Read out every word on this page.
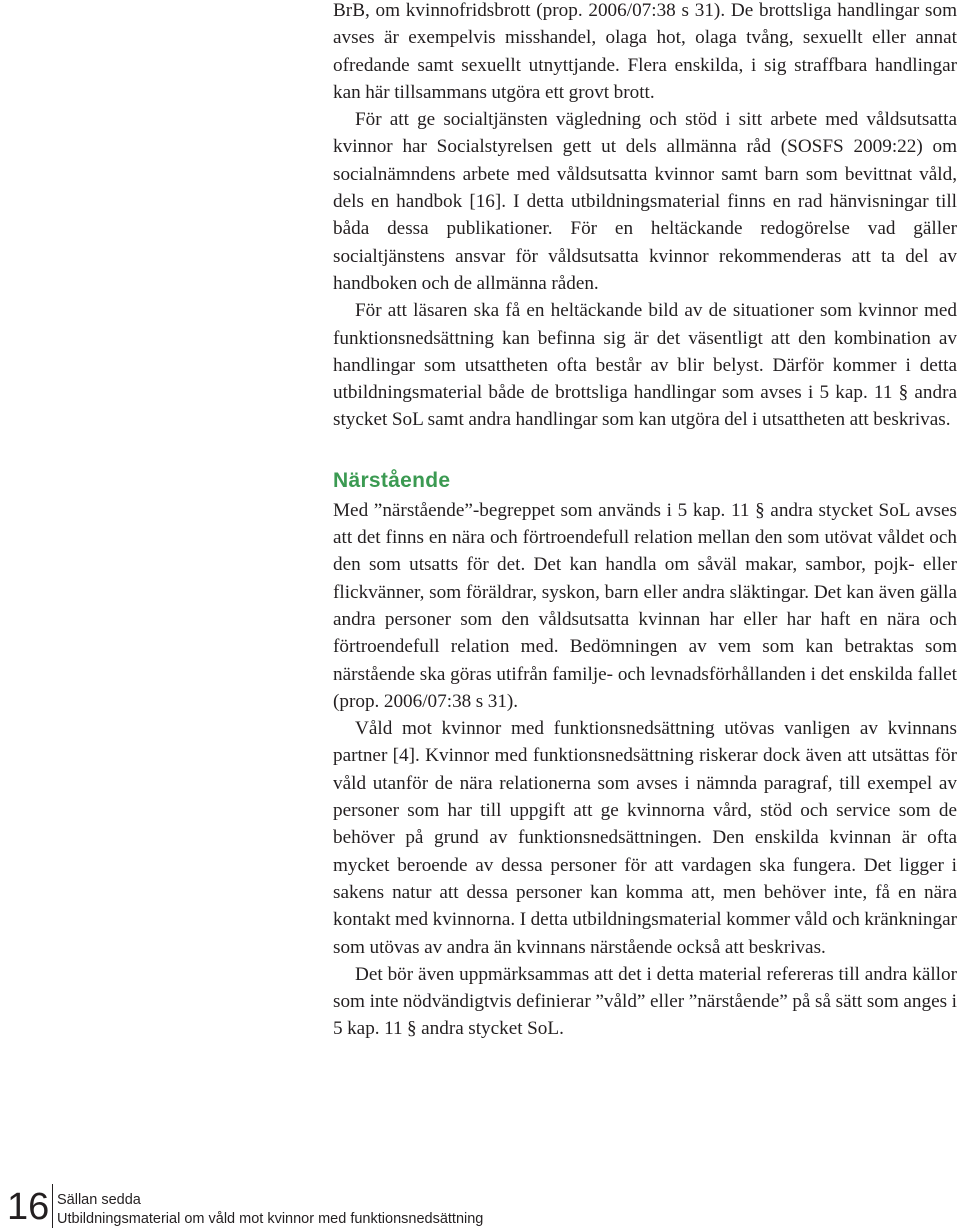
BrB, om kvinnofridsbrott (prop. 2006/07:38 s 31). De brottsliga handlingar som avses är exempelvis misshandel, olaga hot, olaga tvång, sexuellt eller annat ofredande samt sexuellt utnyttjande. Flera enskilda, i sig straffbara handlingar kan här tillsammans utgöra ett grovt brott.

För att ge socialtjänsten vägledning och stöd i sitt arbete med våldsutsatta kvinnor har Socialstyrelsen gett ut dels allmänna råd (SOSFS 2009:22) om socialnämndens arbete med våldsutsatta kvinnor samt barn som bevittnat våld, dels en handbok [16]. I detta utbildningsmaterial finns en rad hänvisningar till båda dessa publikationer. För en heltäckande redogörelse vad gäller socialtjänstens ansvar för våldsutsatta kvinnor rekommenderas att ta del av handboken och de allmänna råden.

För att läsaren ska få en heltäckande bild av de situationer som kvinnor med funktionsnedsättning kan befinna sig är det väsentligt att den kombination av handlingar som utsattheten ofta består av blir belyst. Därför kommer i detta utbildningsmaterial både de brottsliga handlingar som avses i 5 kap. 11 § andra stycket SoL samt andra handlingar som kan utgöra del i utsattheten att beskrivas.

Närstående

Med ”närstående”-begreppet som används i 5 kap. 11 § andra stycket SoL avses att det finns en nära och förtroendefull relation mellan den som utövat våldet och den som utsatts för det. Det kan handla om såväl makar, sambor, pojk- eller flickvänner, som föräldrar, syskon, barn eller andra släktingar. Det kan även gälla andra personer som den våldsutsatta kvinnan har eller har haft en nära och förtroendefull relation med. Bedömningen av vem som kan betraktas som närstående ska göras utifrån familje- och levnadsförhållanden i det enskilda fallet (prop. 2006/07:38 s 31).

Våld mot kvinnor med funktionsnedsättning utövas vanligen av kvinnans partner [4]. Kvinnor med funktionsnedsättning riskerar dock även att utsättas för våld utanför de nära relationerna som avses i nämnda paragraf, till exempel av personer som har till uppgift att ge kvinnorna vård, stöd och service som de behöver på grund av funktionsnedsättningen. Den enskilda kvinnan är ofta mycket beroende av dessa personer för att vardagen ska fungera. Det ligger i sakens natur att dessa personer kan komma att, men behöver inte, få en nära kontakt med kvinnorna. I detta utbildningsmaterial kommer våld och kränkningar som utövas av andra än kvinnans närstående också att beskrivas.

Det bör även uppmärksammas att det i detta material refereras till andra källor som inte nödvändigtvis definierar ”våld” eller ”närstående” på så sätt som anges i 5 kap. 11 § andra stycket SoL.

16 Sällan sedda
Utbildningsmaterial om våld mot kvinnor med funktionsnedsättning
